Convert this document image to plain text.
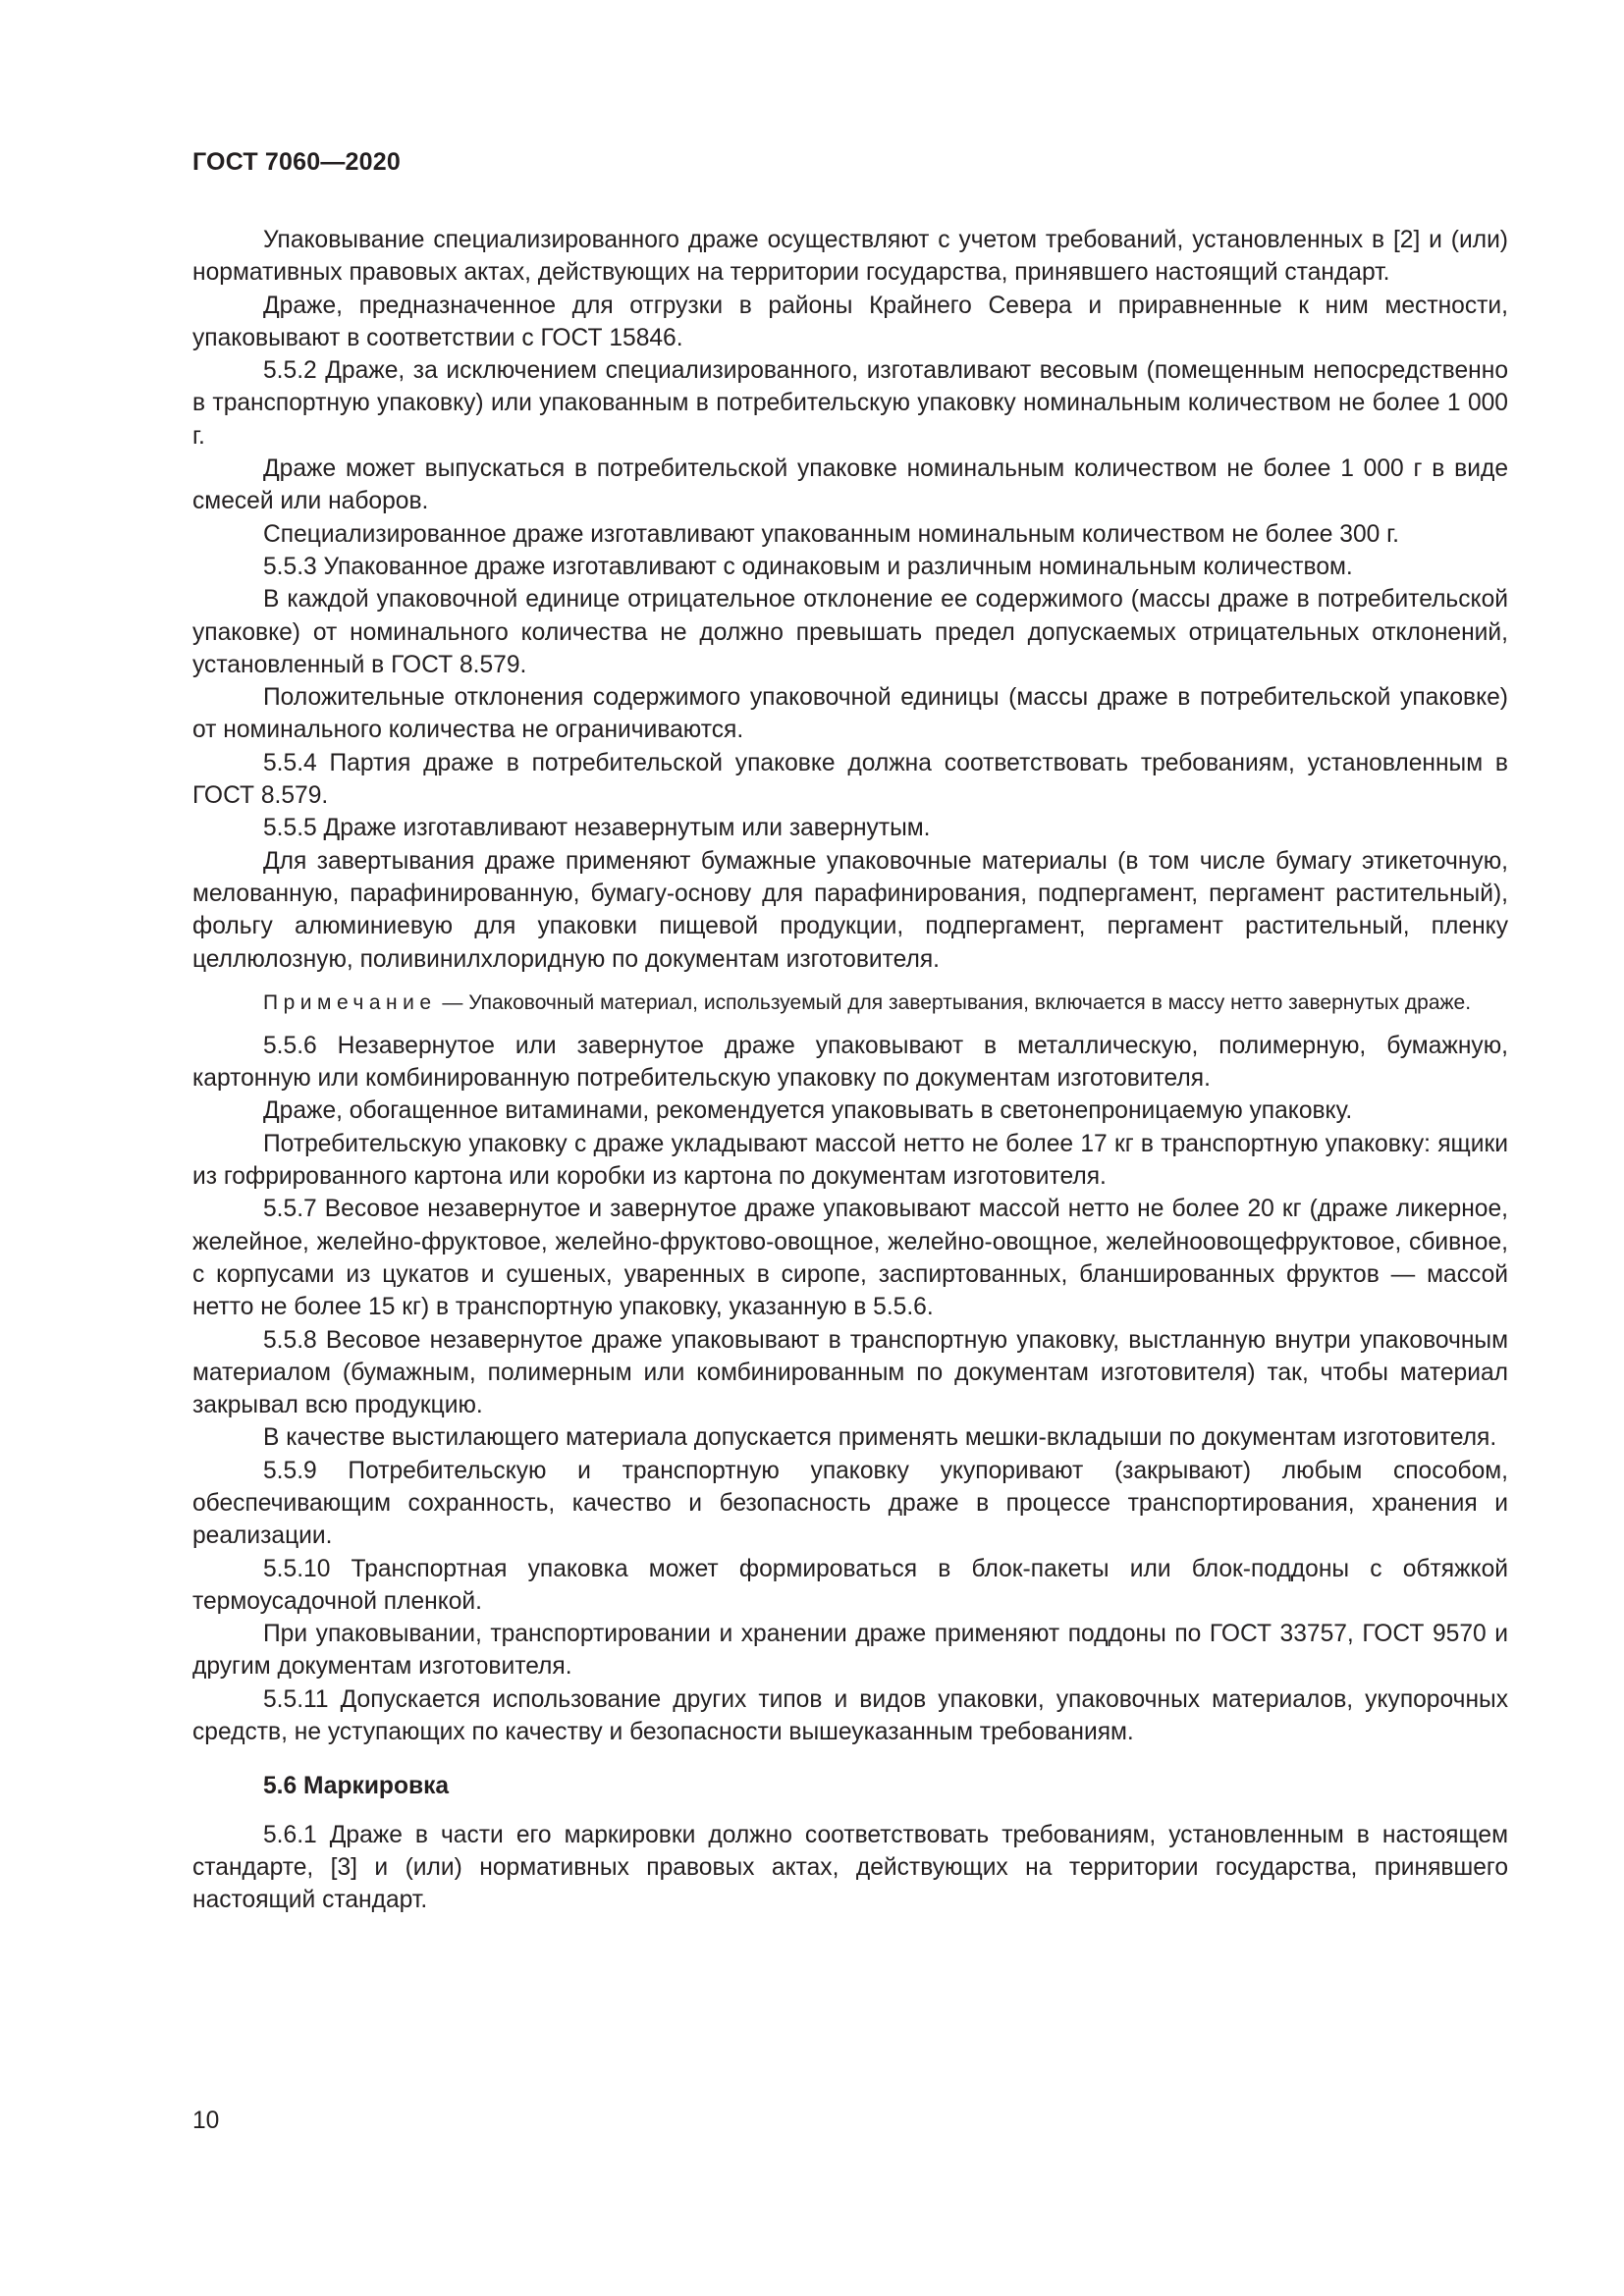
ГОСТ 7060—2020

Упаковывание специализированного драже осуществляют с учетом требований, установленных в [2] и (или) нормативных правовых актах, действующих на территории государства, принявшего настоящий стандарт.

Драже, предназначенное для отгрузки в районы Крайнего Севера и приравненные к ним местности, упаковывают в соответствии с ГОСТ 15846.

5.5.2 Драже, за исключением специализированного, изготавливают весовым (помещенным непосредственно в транспортную упаковку) или упакованным в потребительскую упаковку номинальным количеством не более 1 000 г.

Драже может выпускаться в потребительской упаковке номинальным количеством не более 1 000 г в виде смесей или наборов.

Специализированное драже изготавливают упакованным номинальным количеством не более 300 г.

5.5.3 Упакованное драже изготавливают с одинаковым и различным номинальным количеством.

В каждой упаковочной единице отрицательное отклонение ее содержимого (массы драже в потребительской упаковке) от номинального количества не должно превышать предел допускаемых отрицательных отклонений, установленный в ГОСТ 8.579.

Положительные отклонения содержимого упаковочной единицы (массы драже в потребительской упаковке) от номинального количества не ограничиваются.

5.5.4 Партия драже в потребительской упаковке должна соответствовать требованиям, установленным в ГОСТ 8.579.

5.5.5 Драже изготавливают незавернутым или завернутым.

Для завертывания драже применяют бумажные упаковочные материалы (в том числе бумагу этикеточную, мелованную, парафинированную, бумагу-основу для парафинирования, подпергамент, пергамент растительный), фольгу алюминиевую для упаковки пищевой продукции, подпергамент, пергамент растительный, пленку целлюлозную, поливинилхлоридную по документам изготовителя.

Примечание — Упаковочный материал, используемый для завертывания, включается в массу нетто завернутых драже.

5.5.6 Незавернутое или завернутое драже упаковывают в металлическую, полимерную, бумажную, картонную или комбинированную потребительскую упаковку по документам изготовителя.

Драже, обогащенное витаминами, рекомендуется упаковывать в светонепроницаемую упаковку.

Потребительскую упаковку с драже укладывают массой нетто не более 17 кг в транспортную упаковку: ящики из гофрированного картона или коробки из картона по документам изготовителя.

5.5.7 Весовое незавернутое и завернутое драже упаковывают массой нетто не более 20 кг (драже ликерное, желейное, желейно-фруктовое, желейно-фруктово-овощное, желейно-овощное, желейноовощефруктовое, сбивное, с корпусами из цукатов и сушеных, уваренных в сиропе, заспиртованных, бланшированных фруктов — массой нетто не более 15 кг) в транспортную упаковку, указанную в 5.5.6.

5.5.8 Весовое незавернутое драже упаковывают в транспортную упаковку, выстланную внутри упаковочным материалом (бумажным, полимерным или комбинированным по документам изготовителя) так, чтобы материал закрывал всю продукцию.

В качестве выстилающего материала допускается применять мешки-вкладыши по документам изготовителя.

5.5.9 Потребительскую и транспортную упаковку укупоривают (закрывают) любым способом, обеспечивающим сохранность, качество и безопасность драже в процессе транспортирования, хранения и реализации.

5.5.10 Транспортная упаковка может формироваться в блок-пакеты или блок-поддоны с обтяжкой термоусадочной пленкой.

При упаковывании, транспортировании и хранении драже применяют поддоны по ГОСТ 33757, ГОСТ 9570 и другим документам изготовителя.

5.5.11 Допускается использование других типов и видов упаковки, упаковочных материалов, укупорочных средств, не уступающих по качеству и безопасности вышеуказанным требованиям.

5.6 Маркировка

5.6.1 Драже в части его маркировки должно соответствовать требованиям, установленным в настоящем стандарте, [3] и (или) нормативных правовых актах, действующих на территории государства, принявшего настоящий стандарт.

10
